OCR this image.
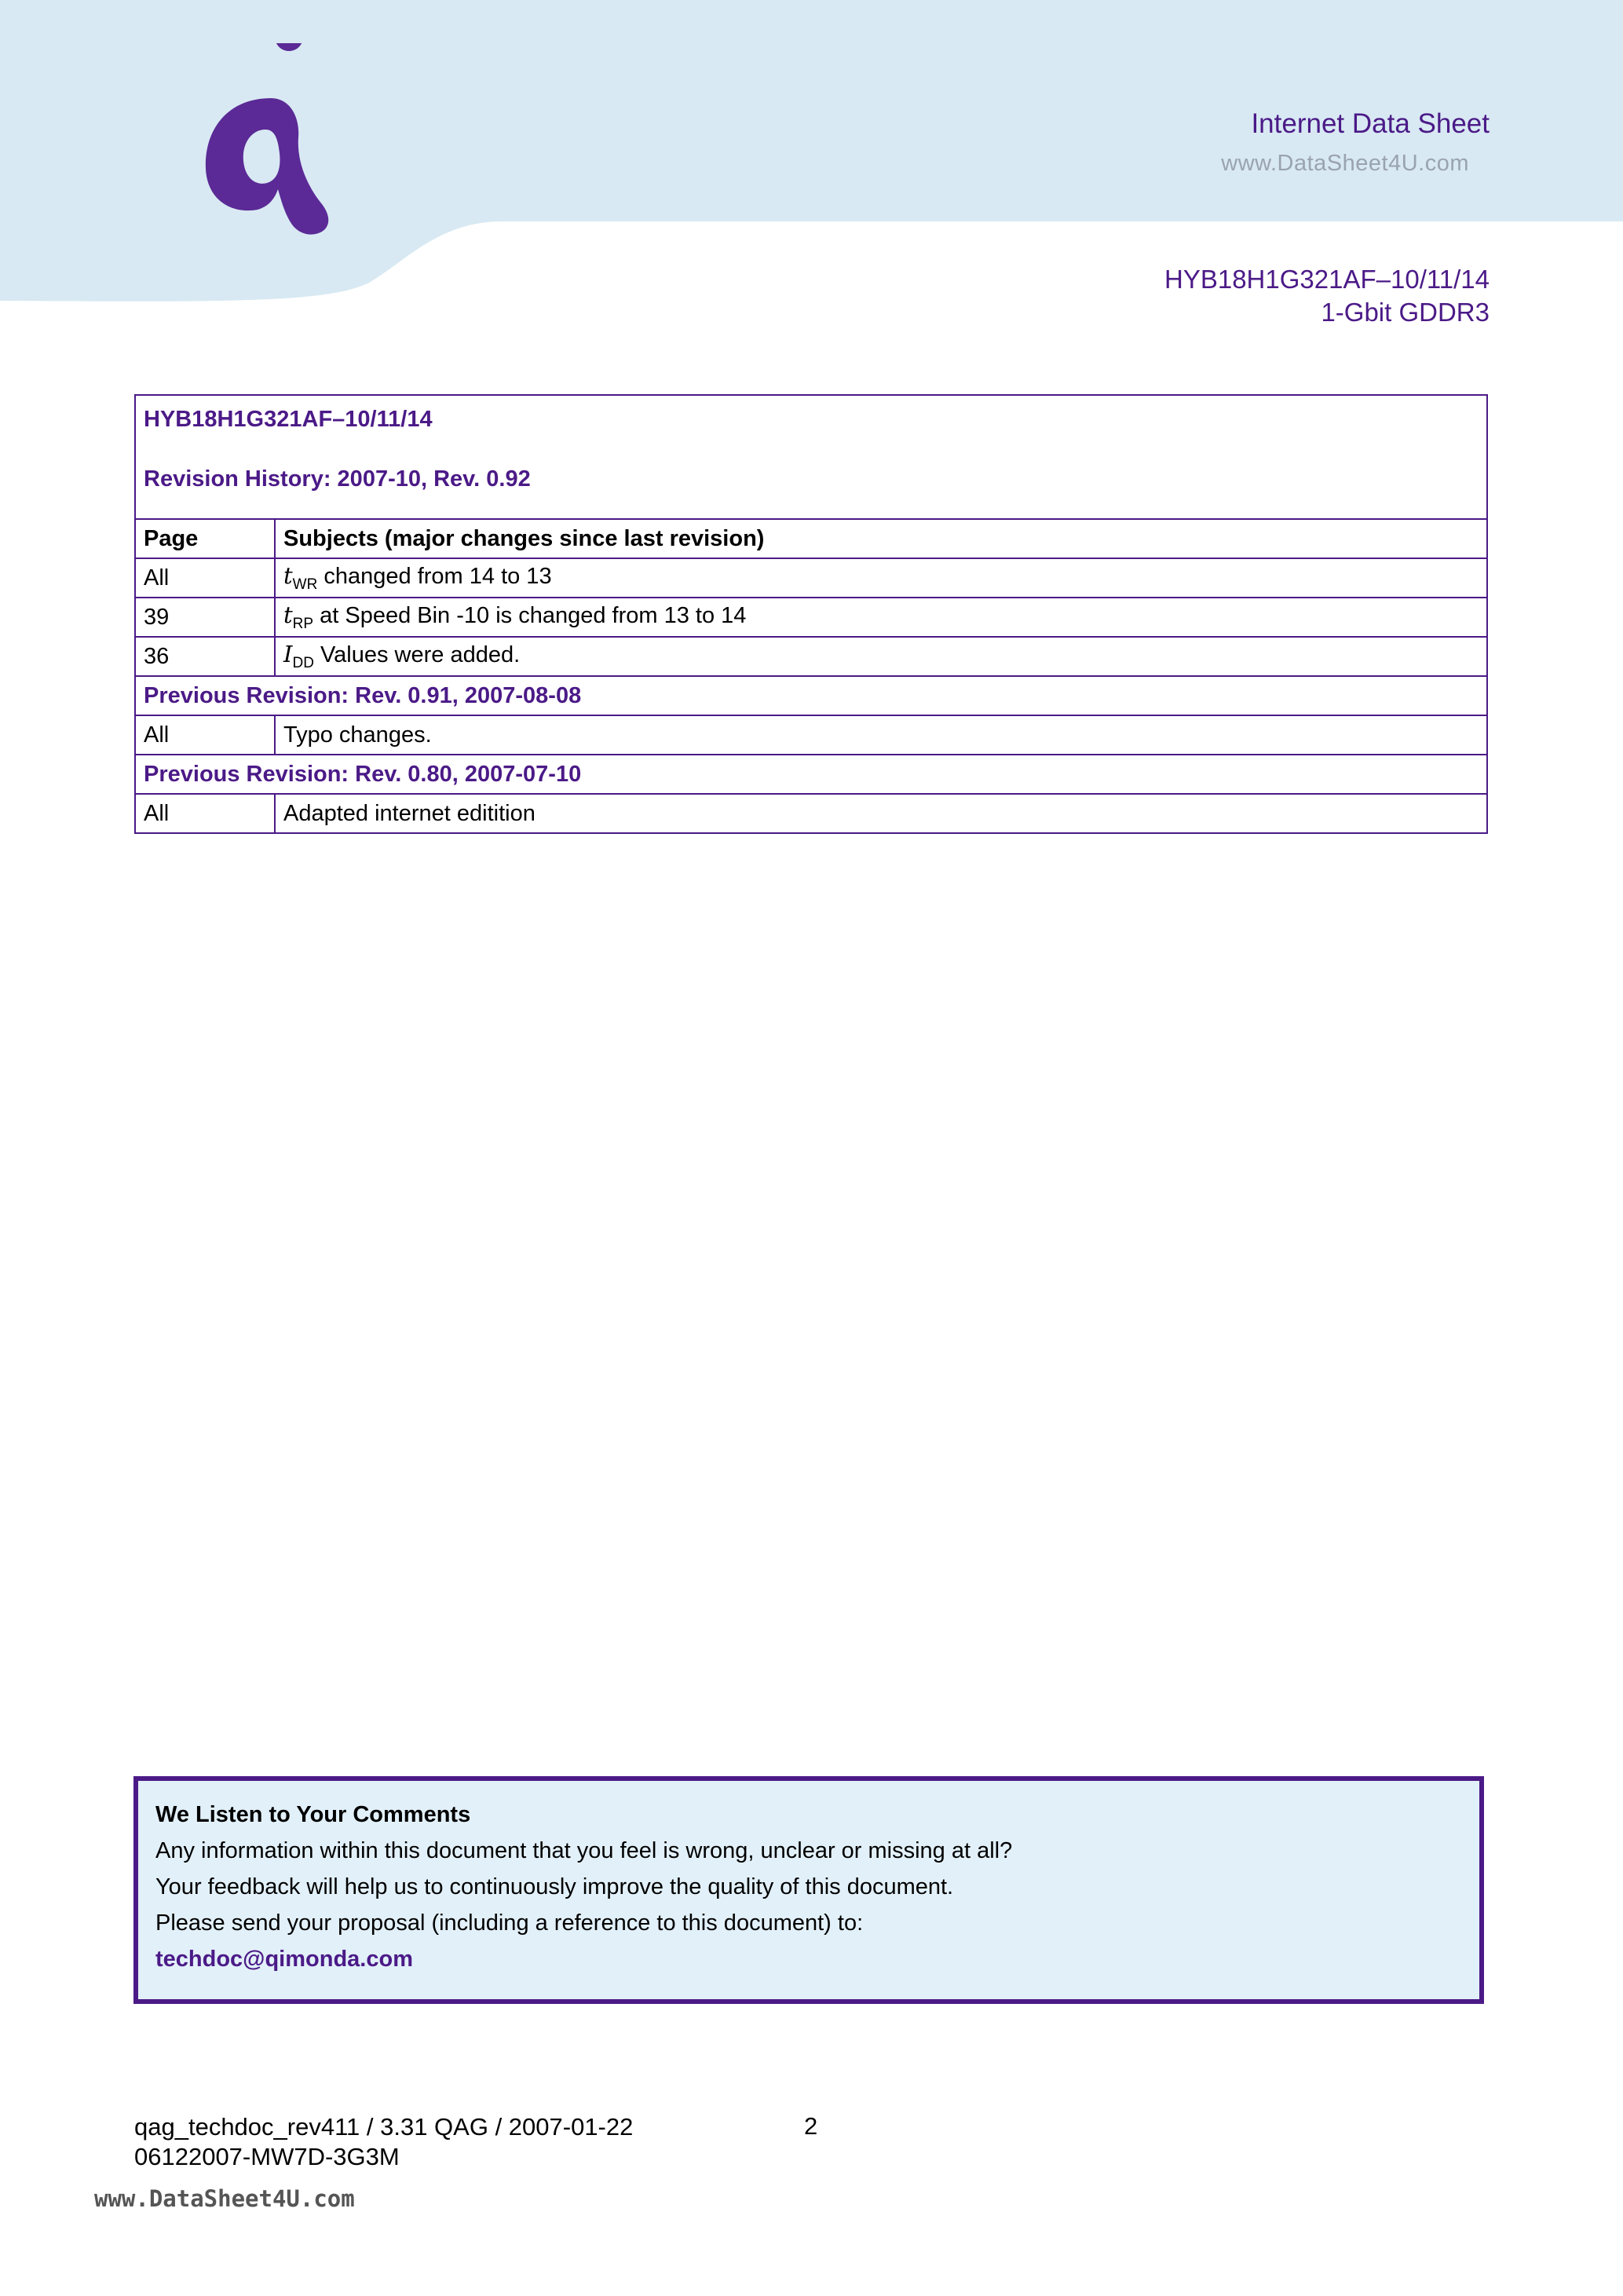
Internet Data Sheet
www.DataSheet4U.com
HYB18H1G321AF–10/11/14
1-Gbit GDDR3
HYB18H1G321AF–10/11/14
Revision History: 2007-10, Rev. 0.92	

Page	Subjects (major changes since last revision)
All	$t_{WR}$ changed from 14 to 13
39	$t_{RP}$ at Speed Bin -10 is changed from 13 to 14
36	$I_{DD}$ Values were added.
Previous Revision: Rev. 0.91, 2007-08-08	
All	Typo changes.
Previous Revision: Rev. 0.80, 2007-07-10	
All	Adapted internet editition
We Listen to Your Comments
Any information within this document that you feel is wrong, unclear or missing at all?
Your feedback will help us to continuously improve the quality of this document.
Please send your proposal (including a reference to this document) to:
techdoc@qimonda.com
qag_techdoc_rev411 / 3.31 QAG / 2007-01-22
06122007-MW7D-3G3M
2
www.DataSheet4U.com
